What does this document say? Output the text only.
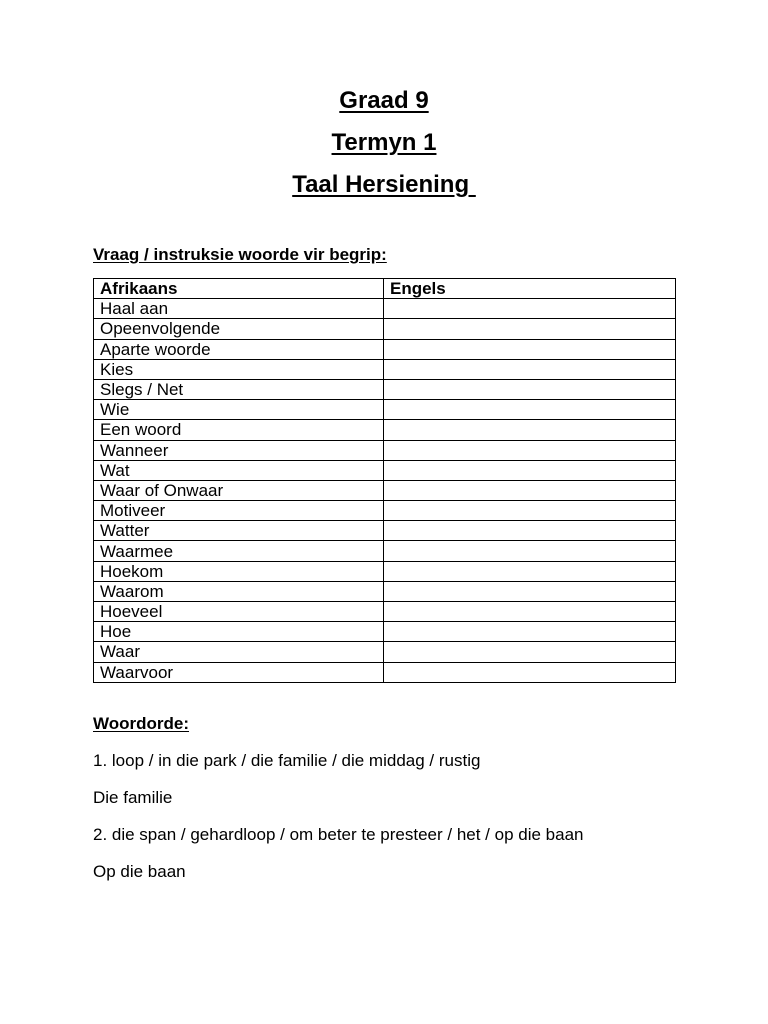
Graad 9
Termyn 1
Taal Hersiening
Vraag / instruksie woorde vir begrip:
Afrikaans	Engels
Haal aan	
Opeenvolgende	
Aparte woorde	
Kies	
Slegs / Net	
Wie	
Een woord	
Wanneer	
Wat	
Waar of Onwaar	
Motiveer	
Watter	
Waarmee	
Hoekom	
Waarom	
Hoeveel	
Hoe	
Waar	
Waarvoor	
Woordorde:
1. loop / in die park / die familie / die middag / rustig
Die familie
2. die span / gehardloop / om beter te presteer / het / op die baan
Op die baan
